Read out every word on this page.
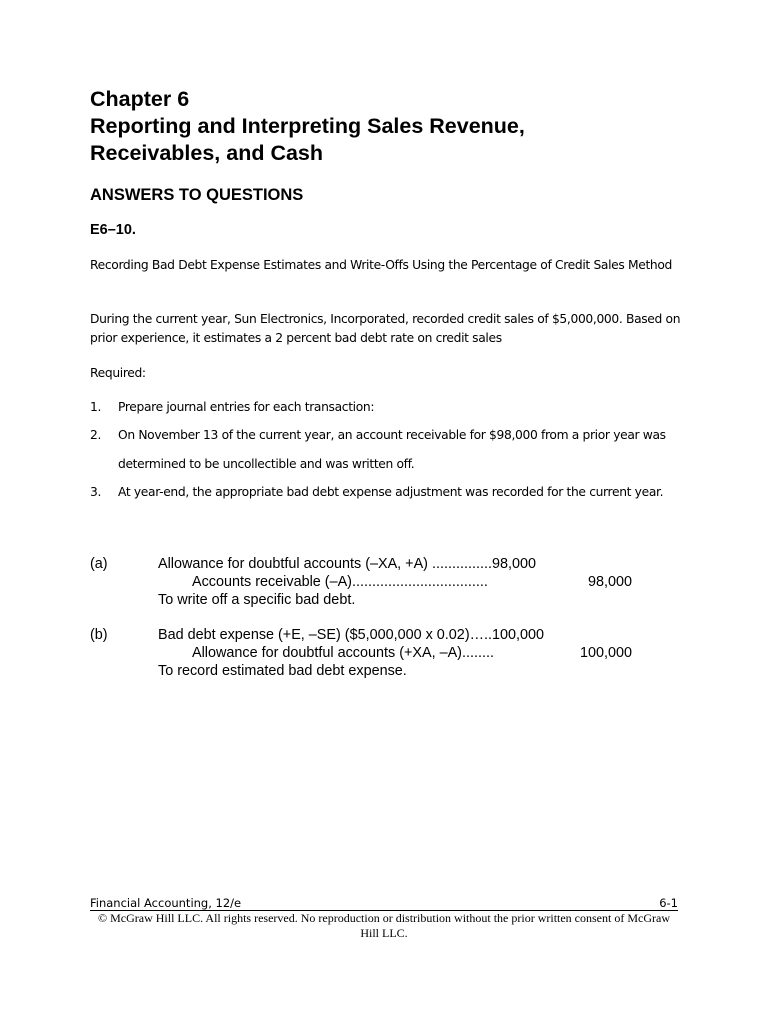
Chapter 6
Reporting and Interpreting Sales Revenue,
Receivables, and Cash
ANSWERS TO QUESTIONS
E6–10.
Recording Bad Debt Expense Estimates and Write-Offs Using the Percentage of Credit Sales Method
During the current year, Sun Electronics, Incorporated, recorded credit sales of $5,000,000. Based on prior experience, it estimates a 2 percent bad debt rate on credit sales
Required:
1.	Prepare journal entries for each transaction:
2.	On November 13 of the current year, an account receivable for $98,000 from a prior year was determined to be uncollectible and was written off.
3.	At year-end, the appropriate bad debt expense adjustment was recorded for the current year.
(a)	Allowance for doubtful accounts (–XA, +A) ...............98,000
Accounts receivable (–A)..................................	98,000
To write off a specific bad debt.
(b)	Bad debt expense (+E, –SE) ($5,000,000 x 0.02)…..100,000
Allowance for doubtful accounts (+XA, –A)........	100,000
To record estimated bad debt expense.
Financial Accounting, 12/e	6-1
© McGraw Hill LLC. All rights reserved. No reproduction or distribution without the prior written consent of McGraw Hill LLC.
